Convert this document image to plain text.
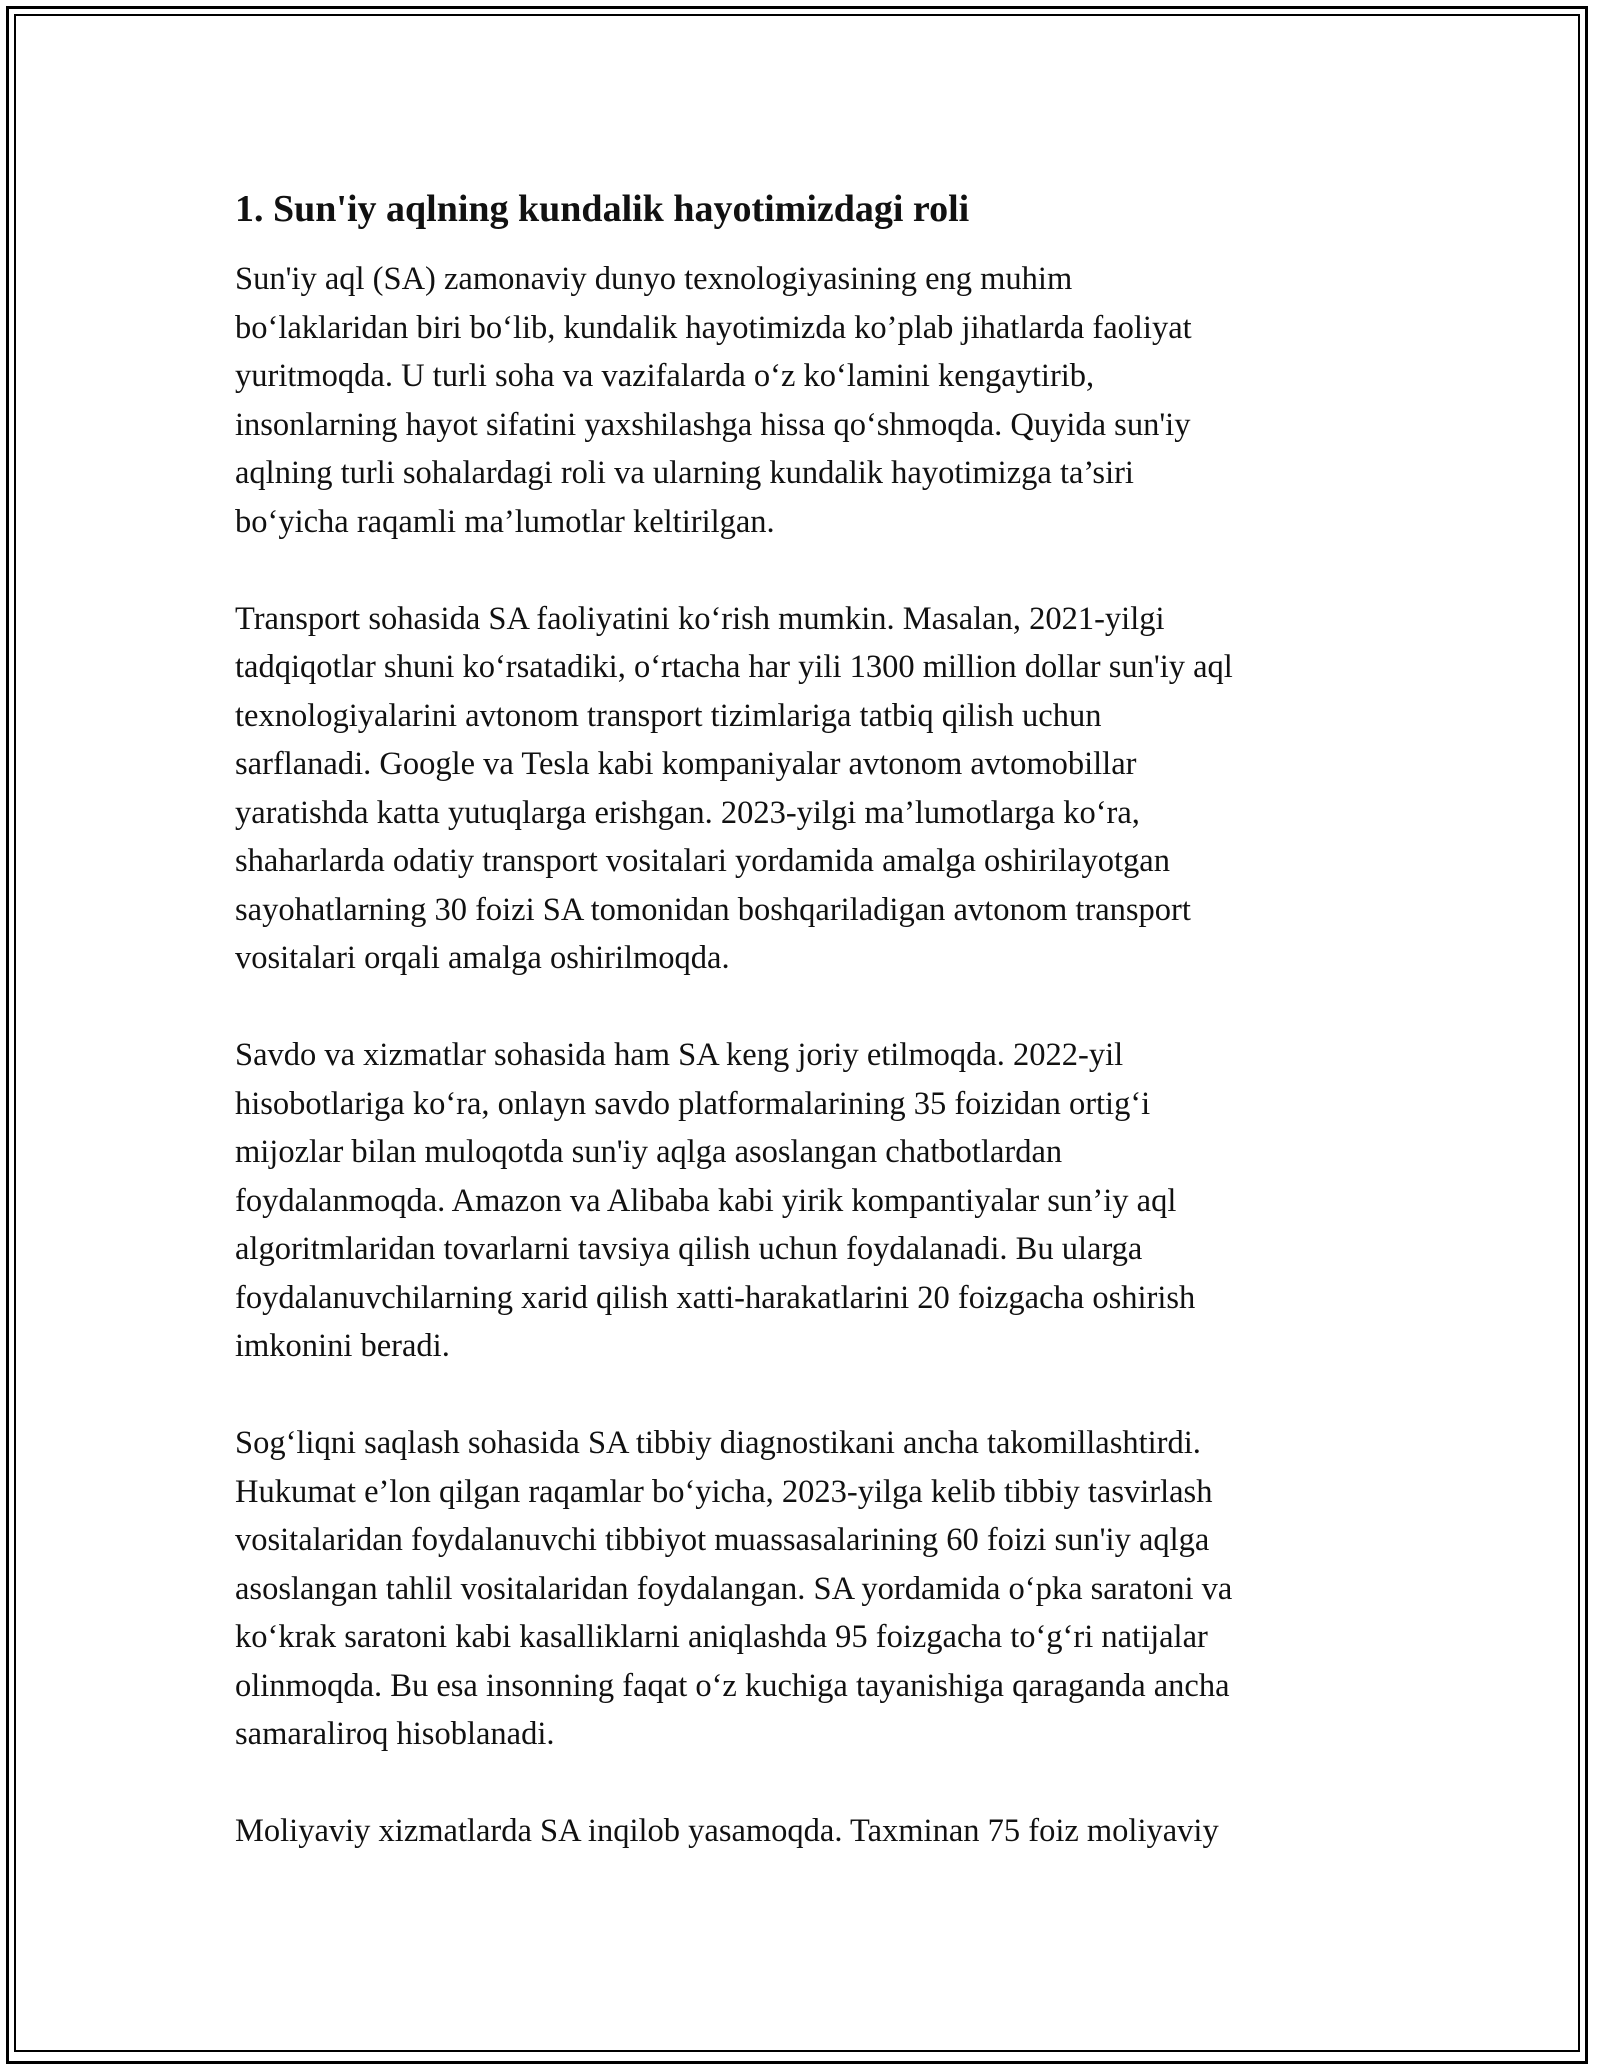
1. Sun'iy aqlning kundalik hayotimizdagi roli

Sun'iy aql (SA) zamonaviy dunyo texnologiyasining eng muhim
bo‘laklaridan biri bo‘lib, kundalik hayotimizda ko’plab jihatlarda faoliyat
yuritmoqda. U turli soha va vazifalarda o‘z ko‘lamini kengaytirib,
insonlarning hayot sifatini yaxshilashga hissa qo‘shmoqda. Quyida sun'iy
aqlning turli sohalardagi roli va ularning kundalik hayotimizga ta’siri
bo‘yicha raqamli ma’lumotlar keltirilgan.

Transport sohasida SA faoliyatini ko‘rish mumkin. Masalan, 2021-yilgi
tadqiqotlar shuni ko‘rsatadiki, o‘rtacha har yili 1300 million dollar sun'iy aql
texnologiyalarini avtonom transport tizimlariga tatbiq qilish uchun
sarflanadi. Google va Tesla kabi kompaniyalar avtonom avtomobillar
yaratishda katta yutuqlarga erishgan. 2023-yilgi ma’lumotlarga ko‘ra,
shaharlarda odatiy transport vositalari yordamida amalga oshirilayotgan
sayohatlarning 30 foizi SA tomonidan boshqariladigan avtonom transport
vositalari orqali amalga oshirilmoqda.

Savdo va xizmatlar sohasida ham SA keng joriy etilmoqda. 2022-yil
hisobotlariga ko‘ra, onlayn savdo platformalarining 35 foizidan ortig‘i
mijozlar bilan muloqotda sun'iy aqlga asoslangan chatbotlardan
foydalanmoqda. Amazon va Alibaba kabi yirik kompantiyalar sun’iy aql
algoritmlaridan tovarlarni tavsiya qilish uchun foydalanadi. Bu ularga
foydalanuvchilarning xarid qilish xatti-harakatlarini 20 foizgacha oshirish
imkonini beradi.

Sog‘liqni saqlash sohasida SA tibbiy diagnostikani ancha takomillashtirdi.
Hukumat e’lon qilgan raqamlar bo‘yicha, 2023-yilga kelib tibbiy tasvirlash
vositalaridan foydalanuvchi tibbiyot muassasalarining 60 foizi sun'iy aqlga
asoslangan tahlil vositalaridan foydalangan. SA yordamida o‘pka saratoni va
ko‘krak saratoni kabi kasalliklarni aniqlashda 95 foizgacha to‘g‘ri natijalar
olinmoqda. Bu esa insonning faqat o‘z kuchiga tayanishiga qaraganda ancha
samaraliroq hisoblanadi.

Moliyaviy xizmatlarda SA inqilob yasamoqda. Taxminan 75 foiz moliyaviy
